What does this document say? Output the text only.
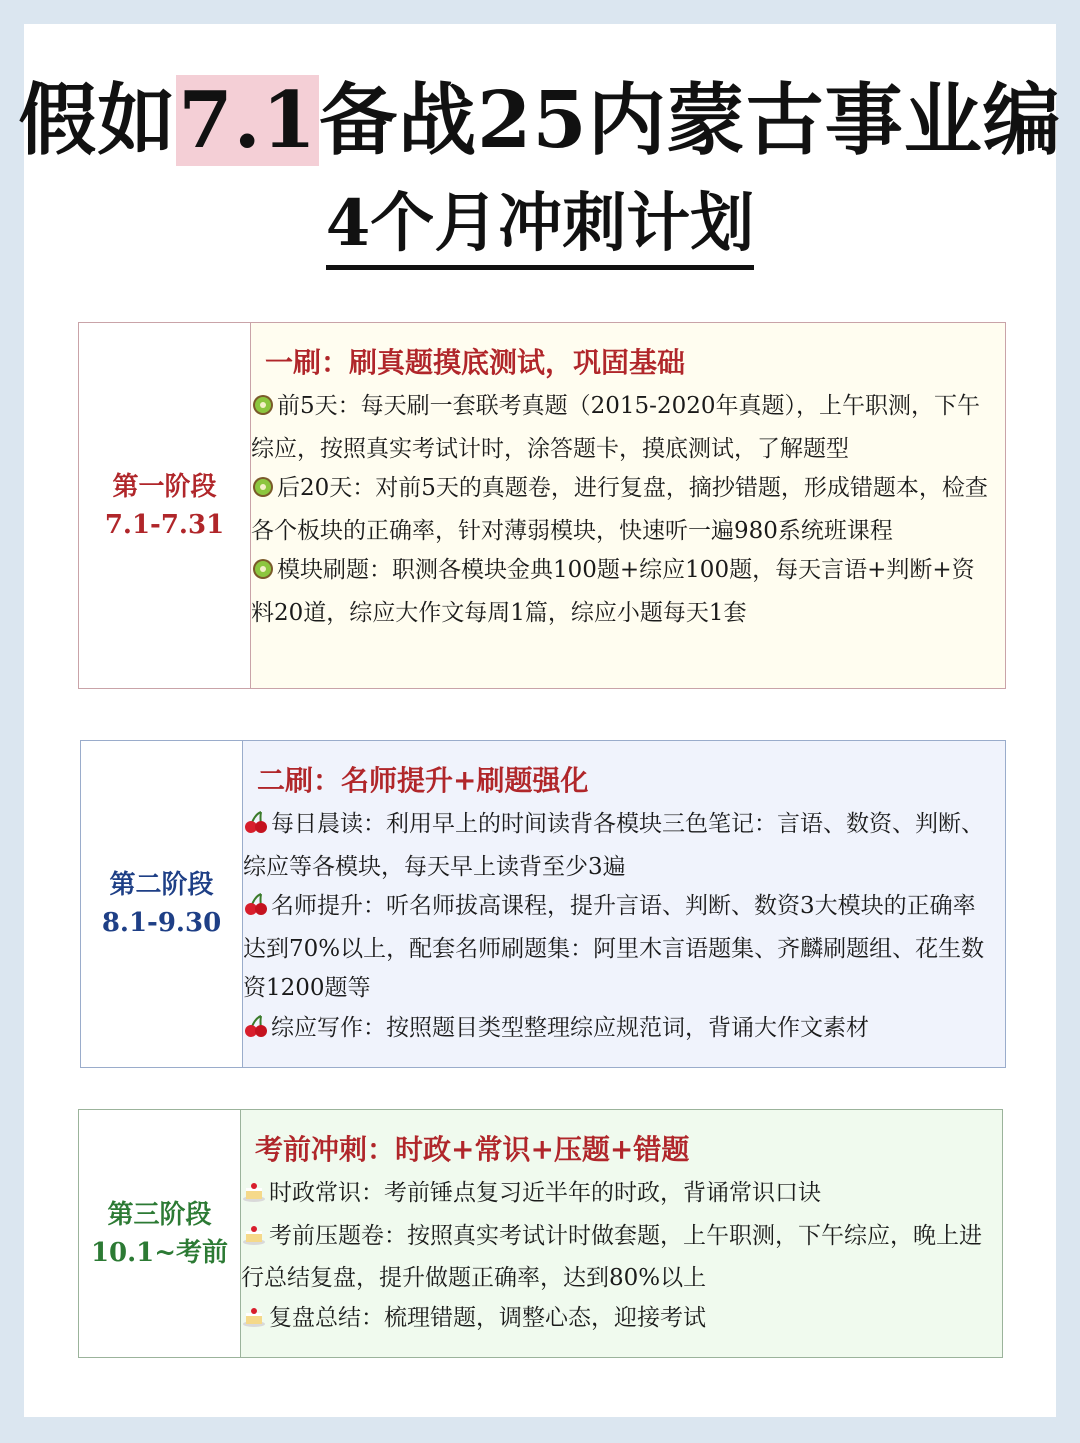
假如7.1备战25内蒙古事业编
4个月冲刺计划
第一阶段
7.1-7.31
一刷：刷真题摸底测试，巩固基础
前5天：每天刷一套联考真题（2015-2020年真题），上午职测，下午综应，按照真实考试计时，涂答题卡，摸底测试，了解题型
后20天：对前5天的真题卷，进行复盘，摘抄错题，形成错题本，检查各个板块的正确率，针对薄弱模块，快速听一遍980系统班课程
模块刷题：职测各模块金典100题+综应100题，每天言语+判断+资料20道，综应大作文每周1篇，综应小题每天1套
第二阶段
8.1-9.30
二刷：名师提升+刷题强化
每日晨读：利用早上的时间读背各模块三色笔记：言语、数资、判断、综应等各模块，每天早上读背至少3遍
名师提升：听名师拔高课程，提升言语、判断、数资3大模块的正确率达到70%以上，配套名师刷题集：阿里木言语题集、齐麟刷题组、花生数资1200题等
综应写作：按照题目类型整理综应规范词，背诵大作文素材
第三阶段
10.1~考前
考前冲刺：时政+常识+压题+错题
时政常识：考前锤点复习近半年的时政，背诵常识口诀
考前压题卷：按照真实考试计时做套题，上午职测，下午综应，晚上进行总结复盘，提升做题正确率，达到80%以上
复盘总结：梳理错题，调整心态，迎接考试
